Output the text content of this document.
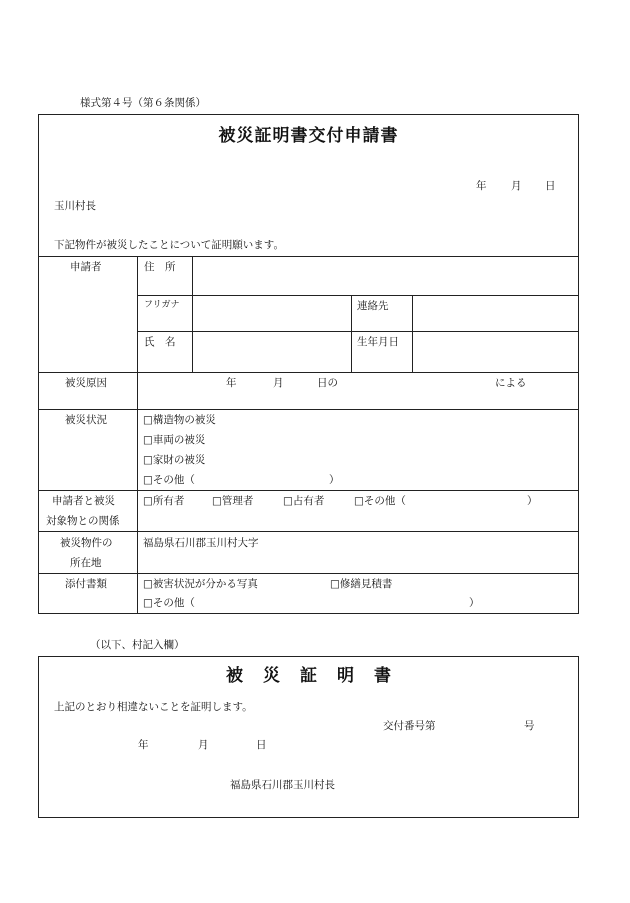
様式第４号（第６条関係）
被災証明書交付申請書
年 月 日
玉川村長
下記物件が被災したことについて証明願います。
申請者	住　所
フリガナ	連絡先
氏　名	生年月日
被災原因	年	月	日の	による
被災状況	□構造物の被災
□車両の被災
□家財の被災
□その他（	）
申請者と被災
対象物との関係
□所有者	□管理者	□占有者	□その他（	）
被災物件の
所在地
福島県石川郡玉川村大字
添付書類	□被害状況が分かる写真	□修繕見積書
□その他（	）
（以下、村記入欄）
被災証明書
上記のとおり相違ないことを証明します。
交付番号第	号
年	月	日
福島県石川郡玉川村長
